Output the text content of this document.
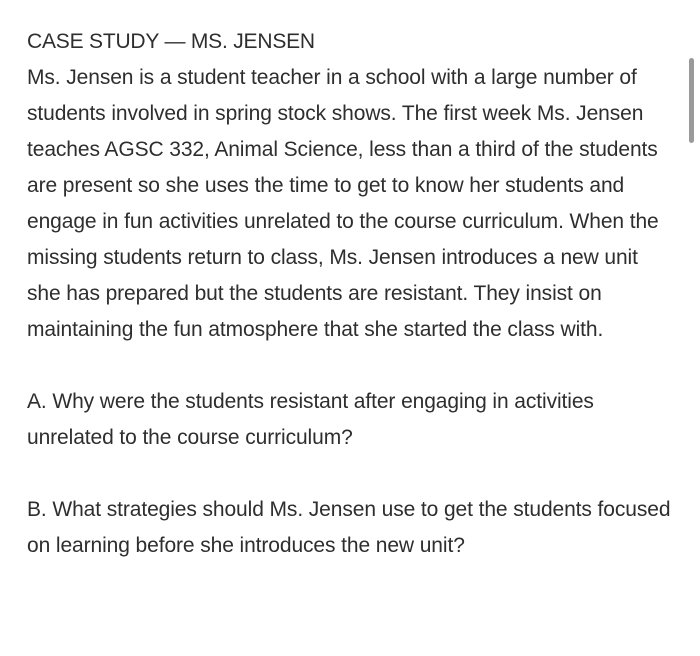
CASE STUDY — MS. JENSEN

Ms. Jensen is a student teacher in a school with a large number of students involved in spring stock shows. The first week Ms. Jensen teaches AGSC 332, Animal Science, less than a third of the students are present so she uses the time to get to know her students and engage in fun activities unrelated to the course curriculum. When the missing students return to class, Ms. Jensen introduces a new unit she has prepared but the students are resistant. They insist on maintaining the fun atmosphere that she started the class with.

A. Why were the students resistant after engaging in activities unrelated to the course curriculum?

B. What strategies should Ms. Jensen use to get the students focused on learning before she introduces the new unit?
